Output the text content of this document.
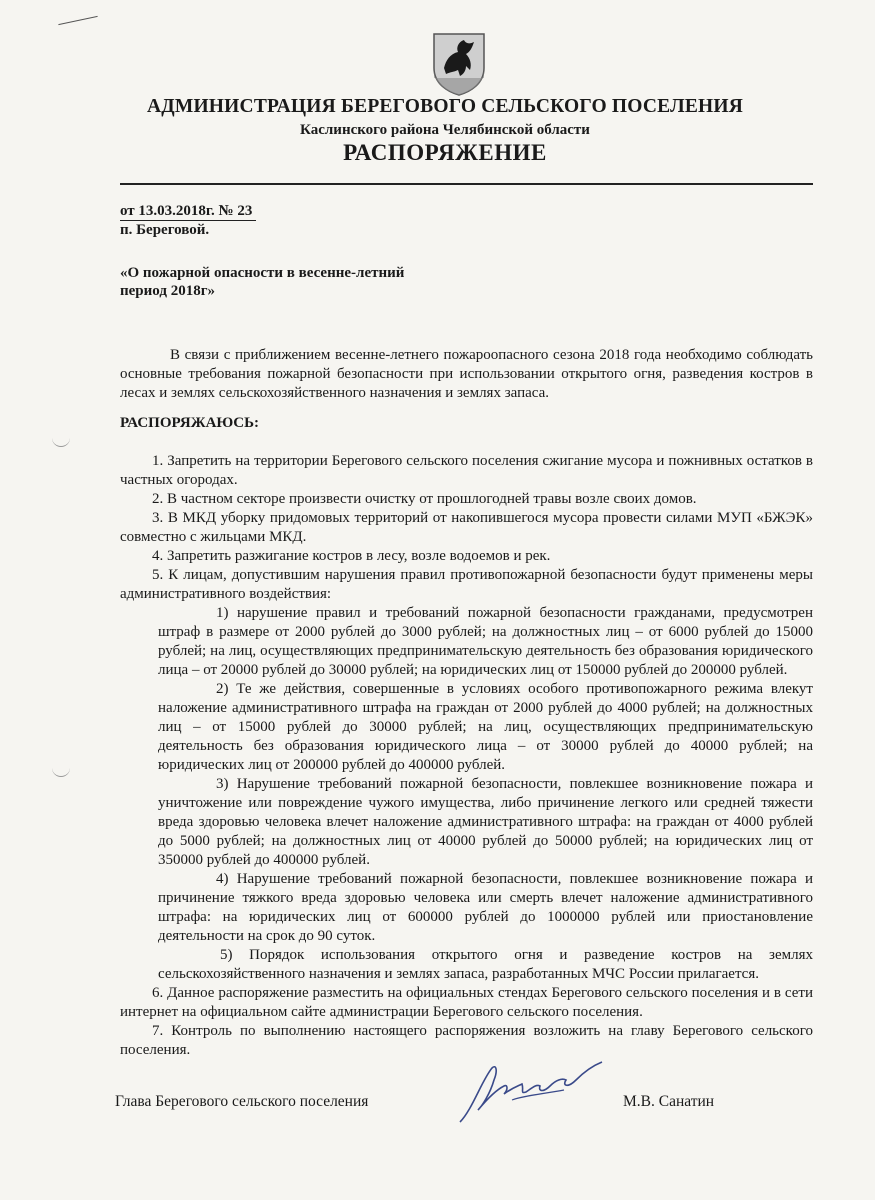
АДМИНИСТРАЦИЯ БЕРЕГОВОГО СЕЛЬСКОГО ПОСЕЛЕНИЯ
Каслинского района Челябинской области
РАСПОРЯЖЕНИЕ
от 13.03.2018г. № 23
п. Береговой.
«О пожарной опасности в весенне-летний
период 2018г»
В связи с приближением весенне-летнего пожароопасного сезона 2018 года необходимо соблюдать основные требования пожарной безопасности при использовании открытого огня, разведения костров в лесах и землях сельскохозяйственного назначения и землях запаса.
РАСПОРЯЖАЮСЬ:

1. Запретить на территории Берегового сельского поселения сжигание мусора и пожнивных остатков в частных огородах.

2. В частном секторе произвести очистку от прошлогодней травы возле своих домов.

3. В МКД уборку придомовых территорий от накопившегося мусора провести силами МУП «БЖЭК» совместно с жильцами МКД.

4. Запретить разжигание костров в лесу, возле водоемов и рек.

5. К лицам, допустившим нарушения правил противопожарной безопасности будут применены меры административного воздействия:

1) нарушение правил и требований пожарной безопасности гражданами, предусмотрен штраф в размере от 2000 рублей до 3000 рублей; на должностных лиц – от 6000 рублей до 15000 рублей; на лиц, осуществляющих предпринимательскую деятельность без образования юридического лица – от 20000 рублей до 30000 рублей; на юридических лиц от 150000 рублей до 200000 рублей.

2) Те же действия, совершенные в условиях особого противопожарного режима влекут наложение административного штрафа на граждан от 2000 рублей до 4000 рублей; на должностных лиц – от 15000 рублей до 30000 рублей; на лиц, осуществляющих предпринимательскую деятельность без образования юридического лица – от 30000 рублей до 40000 рублей; на юридических лиц от 200000 рублей до 400000 рублей.

3) Нарушение требований пожарной безопасности, повлекшее возникновение пожара и уничтожение или повреждение чужого имущества, либо причинение легкого или средней тяжести вреда здоровью человека влечет наложение административного штрафа: на граждан от 4000 рублей до 5000 рублей; на должностных лиц от 40000 рублей до 50000 рублей; на юридических лиц от 350000 рублей до 400000 рублей.

4) Нарушение требований пожарной безопасности, повлекшее возникновение пожара и причинение тяжкого вреда здоровью человека или смерть влечет наложение административного штрафа: на юридических лиц от 600000 рублей до 1000000 рублей или приостановление деятельности на срок до 90 суток.

5) Порядок использования открытого огня и разведение костров на землях сельскохозяйственного назначения и землях запаса, разработанных МЧС России прилагается.

6. Данное распоряжение разместить на официальных стендах Берегового сельского поселения и в сети интернет на официальном сайте администрации Берегового сельского поселения.

7. Контроль по выполнению настоящего распоряжения возложить на главу Берегового сельского поселения.

Глава Берегового сельского поселения	М.В. Санатин
